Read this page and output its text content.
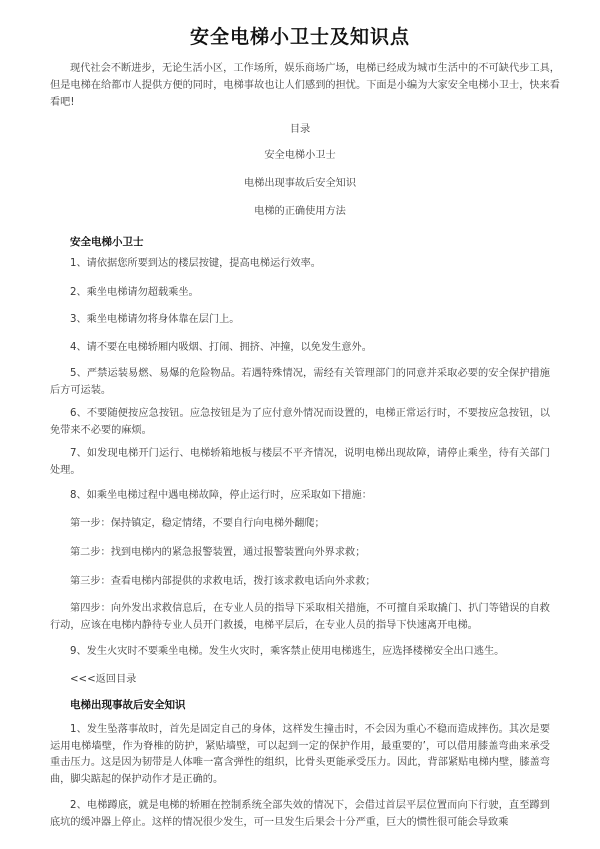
安全电梯小卫士及知识点
现代社会不断进步，无论生活小区，工作场所，娱乐商场广场，电梯已经成为城市生活中的不可缺代步工具，但是电梯在给都市人提供方便的同时，电梯事故也让人们感到的担忧。下面是小编为大家安全电梯小卫士，快来看看吧!
目录
安全电梯小卫士
电梯出现事故后安全知识
电梯的正确使用方法
安全电梯小卫士
1、请依据您所要到达的楼层按键，提高电梯运行效率。
2、乘坐电梯请勿超载乘坐。
3、乘坐电梯请勿将身体靠在层门上。
4、请不要在电梯轿厢内吸烟、打闹、拥挤、冲撞，以免发生意外。
5、严禁运装易燃、易爆的危险物品。若遇特殊情况，需经有关管理部门的同意并采取必要的安全保护措施后方可运装。
6、不要随便按应急按钮。应急按钮是为了应付意外情况而设置的，电梯正常运行时，不要按应急按钮，以免带来不必要的麻烦。
7、如发现电梯开门运行、电梯轿箱地板与楼层不平齐情况，说明电梯出现故障，请停止乘坐，待有关部门处理。
8、如乘坐电梯过程中遇电梯故障，停止运行时，应采取如下措施：
第一步：保持镇定，稳定情绪，不要自行向电梯外翻爬；
第二步：找到电梯内的紧急报警装置，通过报警装置向外界求救；
第三步：查看电梯内部提供的求救电话，拨打该求救电话向外求救；
第四步：向外发出求救信息后，在专业人员的指导下采取相关措施，不可擅自采取撬门、扒门等错误的自救行动，应该在电梯内静待专业人员开门救援，电梯平层后，在专业人员的指导下快速离开电梯。
9、发生火灾时不要乘坐电梯。发生火灾时，乘客禁止使用电梯逃生，应选择楼梯安全出口逃生。
<<<返回目录
电梯出现事故后安全知识
1、发生坠落事故时，首先是固定自己的身体，这样发生撞击时，不会因为重心不稳而造成摔伤。其次是要运用电梯墙壁，作为脊椎的防护，紧贴墙壁，可以起到一定的保护作用，最重要的’，可以借用膝盖弯曲来承受重击压力。这是因为韧带是人体唯一富含弹性的组织，比骨头更能承受压力。因此，背部紧贴电梯内壁，膝盖弯曲，脚尖踮起的保护动作才是正确的。
2、电梯蹲底，就是电梯的轿厢在控制系统全部失效的情况下，会借过首层平层位置而向下行驶，直至蹲到底坑的缓冲器上停止。这样的情况很少发生，可一旦发生后果会十分严重，巨大的惯性很可能会导致乘
